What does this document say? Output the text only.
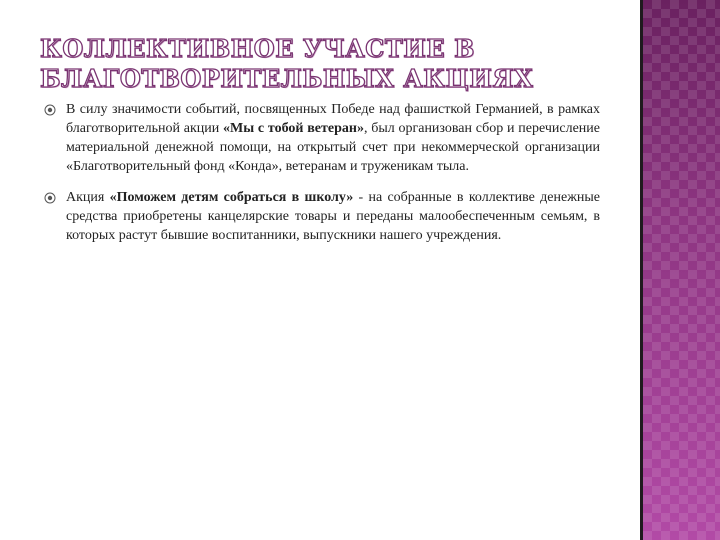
КОЛЛЕКТИВНОЕ УЧАСТИЕ В
БЛАГОТВОРИТЕЛЬНЫХ АКЦИЯХ
В силу значимости событий, посвященных Победе над фашисткой Германией, в рамках благотворительной акции «Мы с тобой ветеран», был организован сбор и перечисление материальной денежной помощи, на открытый счет при некоммерческой организации «Благотворительный фонд «Конда», ветеранам и труженикам тыла.
Акция «Поможем детям собраться в школу» - на собранные в коллективе денежные средства приобретены канцелярские товары и переданы малообеспеченным семьям, в которых растут бывшие воспитанники, выпускники нашего учреждения.
